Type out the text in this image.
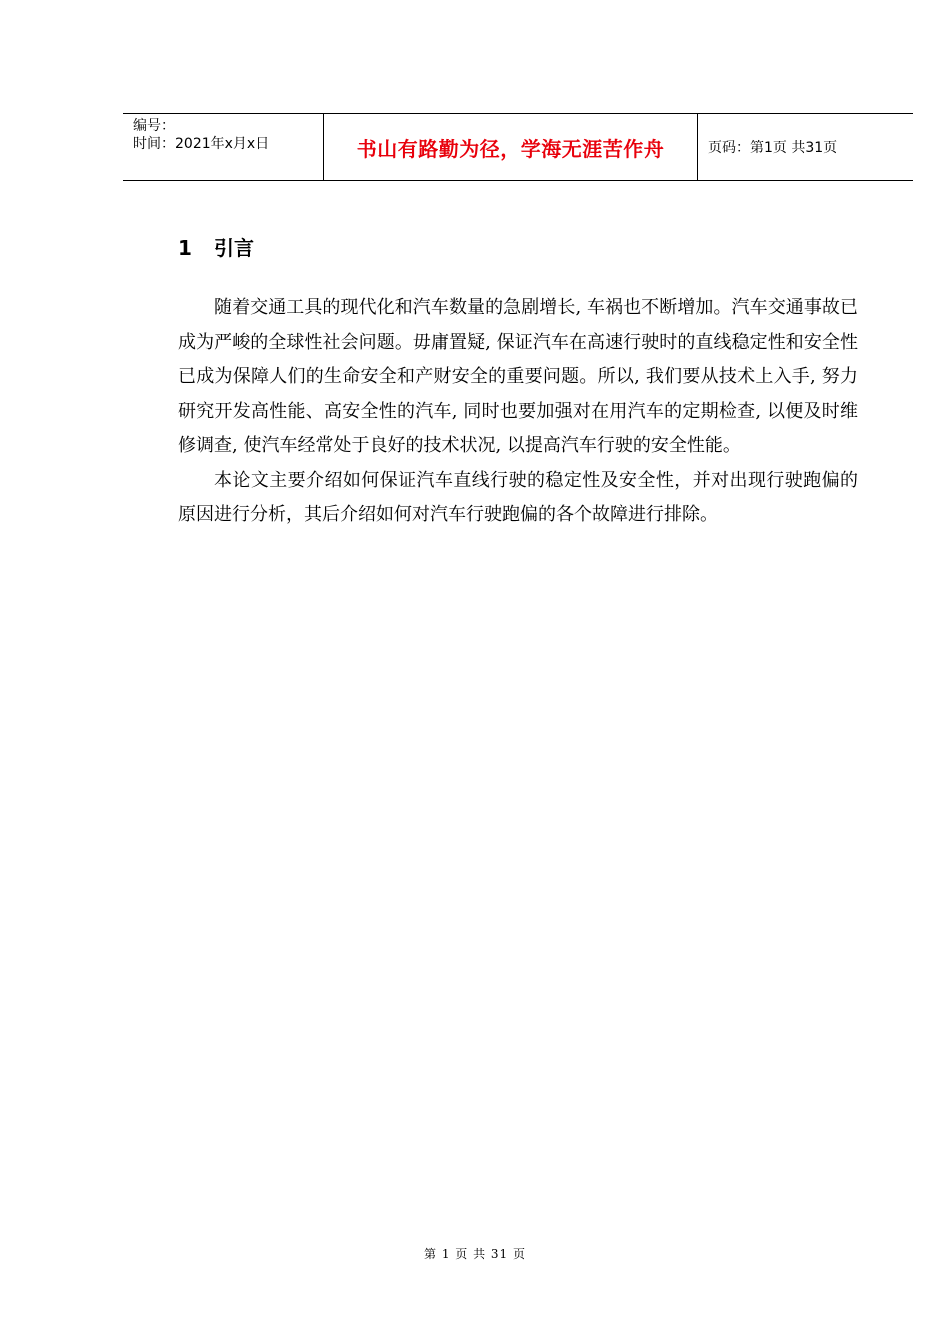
编号：
时间：2021年x月x日	书山有路勤为径，学海无涯苦作舟	页码：第1页 共31页
1 引言

随着交通工具的现代化和汽车数量的急剧增长, 车祸也不断增加。汽车交通事故已成为严峻的全球性社会问题。毋庸置疑, 保证汽车在高速行驶时的直线稳定性和安全性已成为保障人们的生命安全和产财安全的重要问题。所以, 我们要从技术上入手, 努力研究开发高性能、高安全性的汽车, 同时也要加强对在用汽车的定期检查, 以便及时维修调查, 使汽车经常处于良好的技术状况, 以提高汽车行驶的安全性能。

本论文主要介绍如何保证汽车直线行驶的稳定性及安全性，并对出现行驶跑偏的原因进行分析，其后介绍如何对汽车行驶跑偏的各个故障进行排除。

第 1 页 共 31 页
